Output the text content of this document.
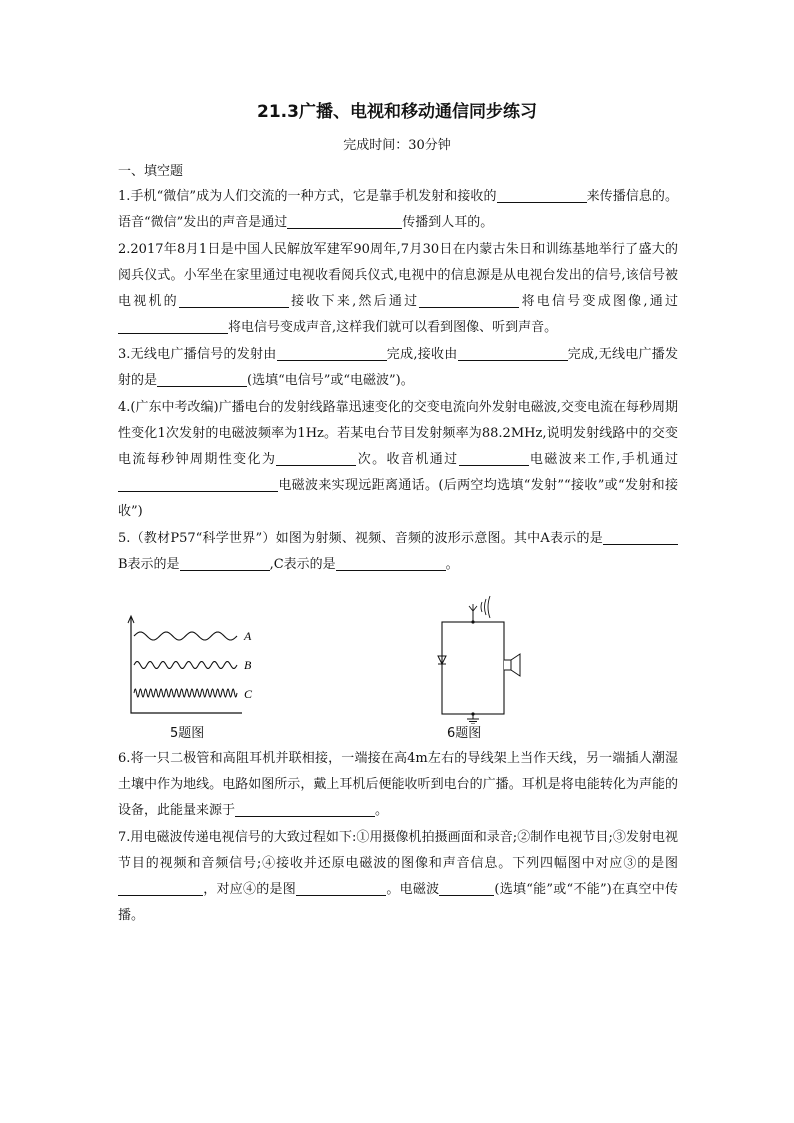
21.3广播、电视和移动通信同步练习
完成时间：30分钟
一、填空题

1.手机“微信”成为人们交流的一种方式，它是靠手机发射和接收的	来传播信息的。语音“微信”发出的声音是通过	传播到人耳的。

2.2017年8月1日是中国人民解放军建军90周年,7月30日在内蒙古朱日和训练基地举行了盛大的阅兵仪式。小军坐在家里通过电视收看阅兵仪式,电视中的信息源是从电视台发出的信号,该信号被电视机的	接收下来,然后通过	将电信号变成图像,通过将电信号变成声音,这样我们就可以看到图像、听到声音。

3.无线电广播信号的发射由	完成,接收由	完成,无线电广播发射的是	(选填“电信号”或“电磁波”)。

4.(广东中考改编)广播电台的发射线路靠迅速变化的交变电流向外发射电磁波,交变电流在每秒周期性变化1次发射的电磁波频率为1Hz。若某电台节目发射频率为88.2MHz,说明发射线路中的交变电流每秒钟周期性变化为	次。收音机通过	电磁波来工作,手机通过电磁波来实现远距离通话。(后两空均选填“发射”“接收”或“发射和接收”)

5.（教材P57“科学世界”）如图为射频、视频、音频的波形示意图。其中A表示的是B表示的是	,C表示的是	。

A
B
C
5题图	6题图

6.将一只二极管和高阻耳机并联相接，一端接在高4m左右的导线架上当作天线，另一端插人潮湿土壤中作为地线。电路如图所示，戴上耳机后便能收听到电台的广播。耳机是将电能转化为声能的设备，此能量来源于	。

7.用电磁波传递电视信号的大致过程如下:①用摄像机拍摄画面和录音;②制作电视节目;③发射电视节目的视频和音频信号;④接收并还原电磁波的图像和声音信息。下列四幅图中对应③的是图，对应④的是图	。电磁波	(选填“能”或“不能”)在真空中传播。
